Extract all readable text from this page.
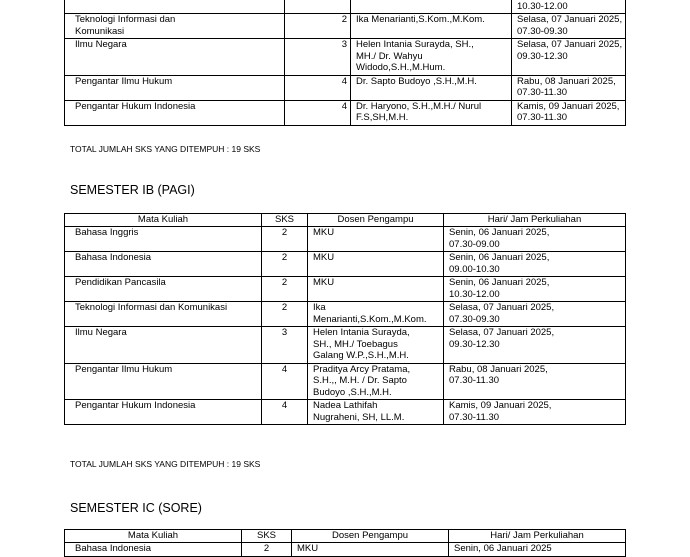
10.30-12.00

Teknologi Informasi dan
Komunikasi	2	Ika Menarianti,S.Kom.,M.Kom.	Selasa, 07 Januari 2025,
07.30-09.30

Ilmu Negara	3	Helen Intania Surayda, SH.,
MH./ Dr. Wahyu
Widodo,S.H.,M.Hum.	Selasa, 07 Januari 2025,
09.30-12.30

Pengantar Ilmu Hukum	4	Dr. Sapto Budoyo ,S.H.,M.H.	Rabu, 08 Januari 2025,
07.30-11.30

Pengantar Hukum Indonesia	4	Dr. Haryono, S.H.,M.H./ Nurul
F.S,SH,M.H.	Kamis, 09 Januari 2025,
07.30-11.30
TOTAL JUMLAH SKS YANG DITEMPUH : 19 SKS
SEMESTER IB (PAGI)
Mata Kuliah	SKS	Dosen Pengampu	Hari/ Jam Perkuliahan

Bahasa Inggris	2	MKU	Senin, 06 Januari 2025,
07.30-09.00

Bahasa Indonesia	2	MKU	Senin, 06 Januari 2025,
09.00-10.30

Pendidikan Pancasila	2	MKU	Senin, 06 Januari 2025,
10.30-12.00

Teknologi Informasi dan Komunikasi	2	Ika
Menarianti,S.Kom.,M.Kom.	Selasa, 07 Januari 2025,
07.30-09.30

Ilmu Negara	3	Helen Intania Surayda,
SH., MH./ Toebagus
Galang W.P.,S.H.,M.H.	Selasa, 07 Januari 2025,
09.30-12.30

Pengantar Ilmu Hukum	4	Praditya Arcy Pratama,
S.H.,, M.H. / Dr. Sapto
Budoyo ,S.H.,M.H.	Rabu, 08 Januari 2025,
07.30-11.30

Pengantar Hukum Indonesia	4	Nadea Lathifah
Nugraheni, SH, LL.M.	Kamis, 09 Januari 2025,
07.30-11.30
TOTAL JUMLAH SKS YANG DITEMPUH : 19 SKS
SEMESTER IC (SORE)
Mata Kuliah	SKS	Dosen Pengampu	Hari/ Jam Perkuliahan

Bahasa Indonesia	2	MKU	Senin, 06 Januari 2025
